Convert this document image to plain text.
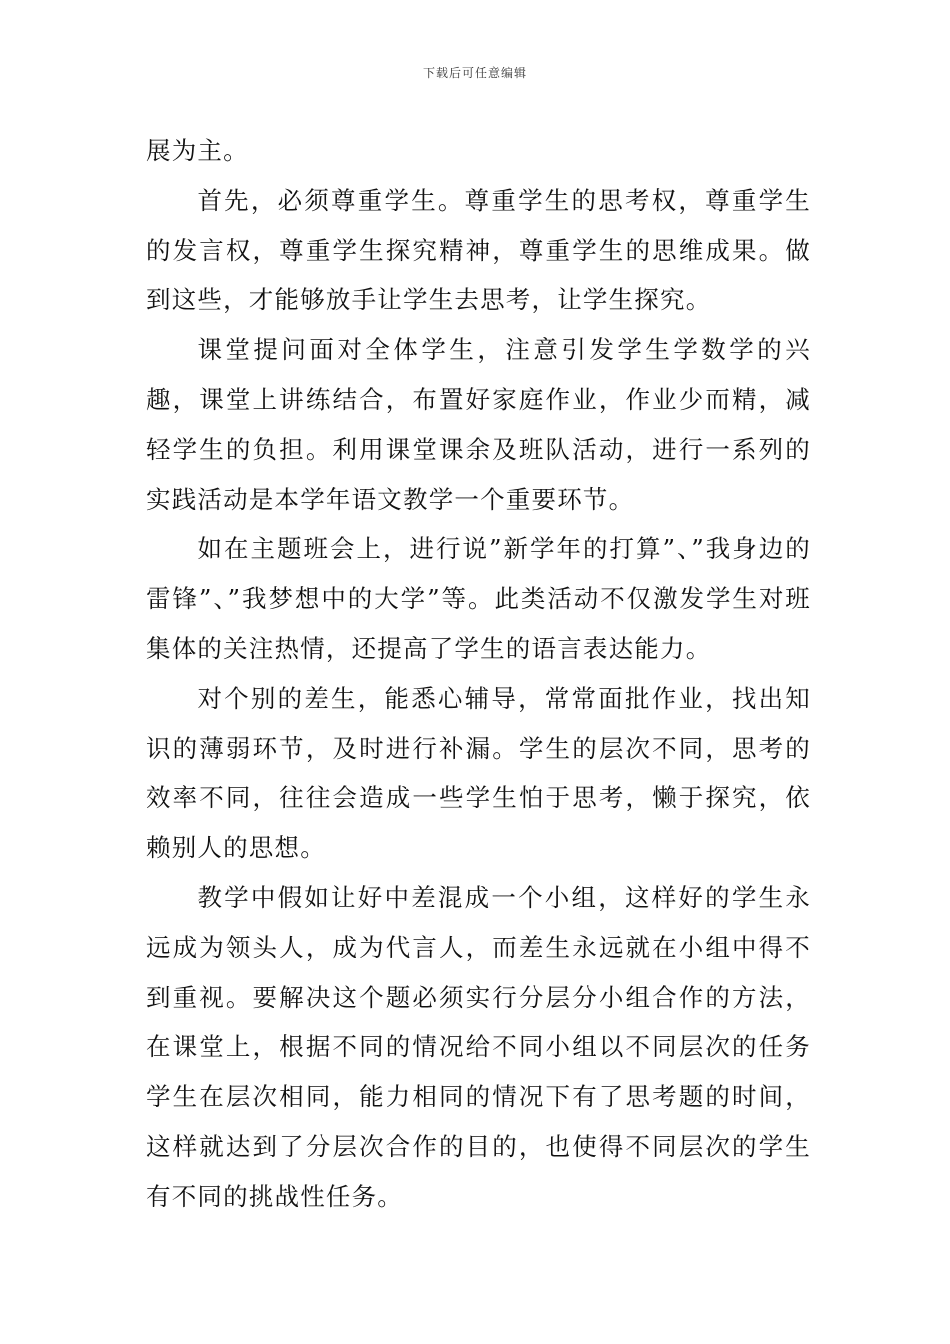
下载后可任意编辑

展为主。

首先，必须尊重学生。尊重学生的思考权，尊重学生的发言权，尊重学生探究精神，尊重学生的思维成果。做到这些，才能够放手让学生去思考，让学生探究。

课堂提问面对全体学生，注意引发学生学数学的兴趣，课堂上讲练结合，布置好家庭作业，作业少而精，减轻学生的负担。利用课堂课余及班队活动，进行一系列的实践活动是本学年语文教学一个重要环节。

如在主题班会上，进行说”新学年的打算”、”我身边的雷锋”、”我梦想中的大学”等。此类活动不仅激发学生对班集体的关注热情，还提高了学生的语言表达能力。

对个别的差生，能悉心辅导，常常面批作业，找出知识的薄弱环节，及时进行补漏。学生的层次不同，思考的效率不同，往往会造成一些学生怕于思考，懒于探究，依赖别人的思想。

教学中假如让好中差混成一个小组，这样好的学生永远成为领头人，成为代言人，而差生永远就在小组中得不到重视。要解决这个题必须实行分层分小组合作的方法，在课堂上，根据不同的情况给不同小组以不同层次的任务学生在层次相同，能力相同的情况下有了思考题的时间，这样就达到了分层次合作的目的，也使得不同层次的学生有不同的挑战性任务。
